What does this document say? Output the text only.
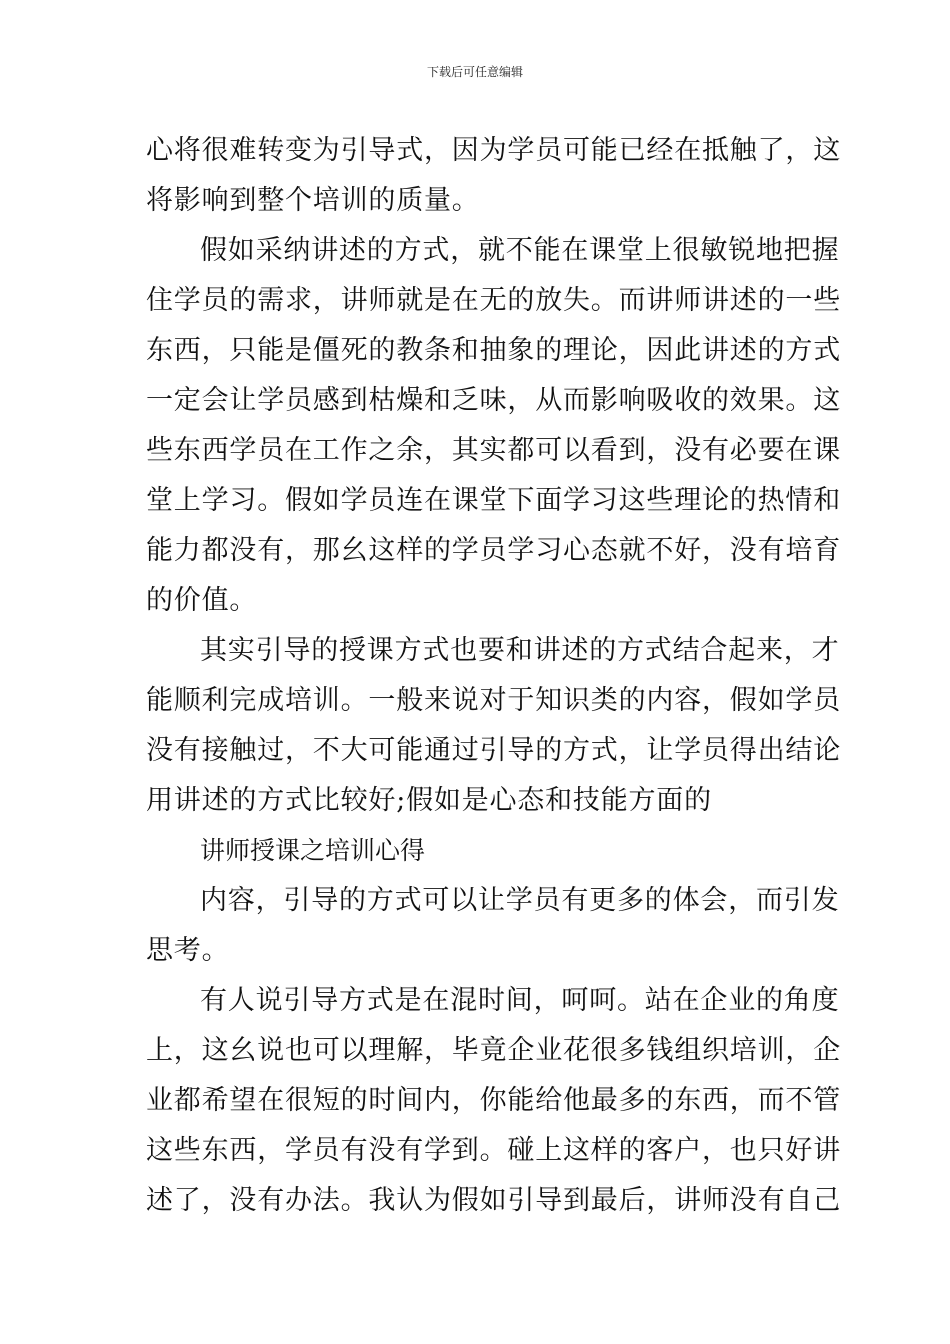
下载后可任意编辑
心将很难转变为引导式，因为学员可能已经在抵触了，这
将影响到整个培训的质量。
假如采纳讲述的方式，就不能在课堂上很敏锐地把握
住学员的需求，讲师就是在无的放失。而讲师讲述的一些
东西，只能是僵死的教条和抽象的理论，因此讲述的方式
一定会让学员感到枯燥和乏味，从而影响吸收的效果。这
些东西学员在工作之余，其实都可以看到，没有必要在课
堂上学习。假如学员连在课堂下面学习这些理论的热情和
能力都没有，那幺这样的学员学习心态就不好，没有培育
的价值。
其实引导的授课方式也要和讲述的方式结合起来，才
能顺利完成培训。一般来说对于知识类的内容，假如学员
没有接触过，不大可能通过引导的方式，让学员得出结论
用讲述的方式比较好;假如是心态和技能方面的
讲师授课之培训心得
内容，引导的方式可以让学员有更多的体会，而引发
思考。
有人说引导方式是在混时间，呵呵。站在企业的角度
上，这幺说也可以理解，毕竟企业花很多钱组织培训，企
业都希望在很短的时间内，你能给他最多的东西，而不管
这些东西，学员有没有学到。碰上这样的客户，也只好讲
述了，没有办法。我认为假如引导到最后，讲师没有自己
